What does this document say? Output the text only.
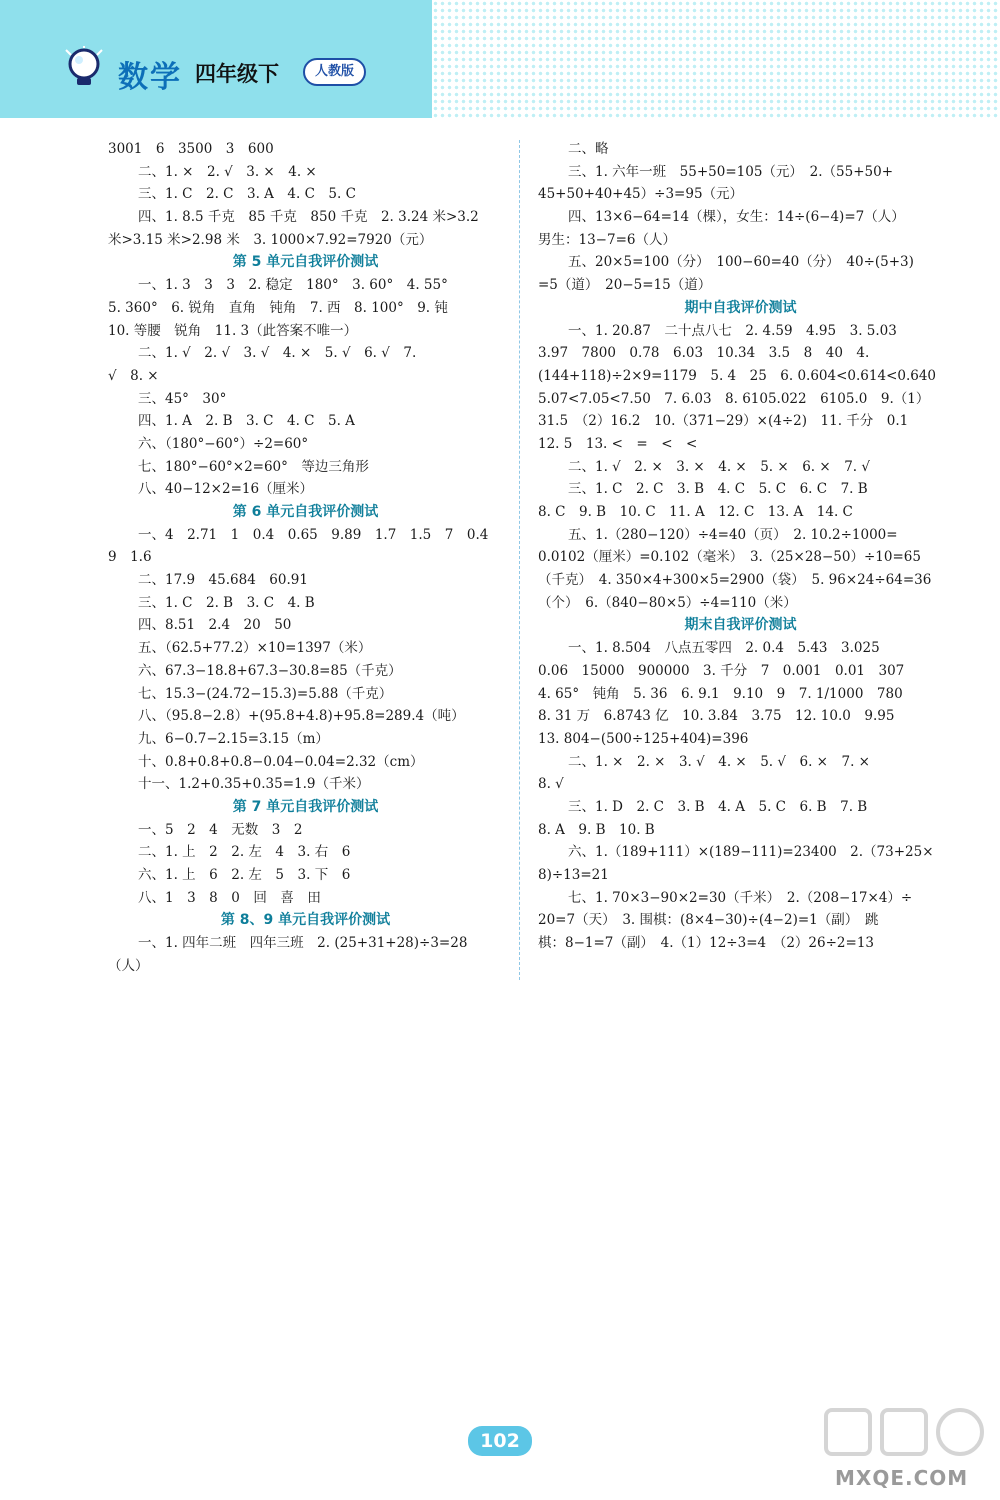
数学 四年级下	人教版
3001　6　3500　3　600
二、1. ×　2. √　3. ×　4. ×
三、1. C　2. C　3. A　4. C　5. C
四、1. 8.5 千克　85 千克　850 千克　2. 3.24 米>3.2
米>3.15 米>2.98 米　3. 1000×7.92=7920（元）
第 5 单元自我评价测试
一、1. 3　3　3　2. 稳定　180°　3. 60°　4. 55°
5. 360°　6. 锐角　直角　钝角　7. 西　8. 100°　9. 钝
10. 等腰　锐角　11. 3（此答案不唯一）
二、1. √　2. √　3. √　4. ×　5. √　6. √　7.
√　8. ×
三、45°　30°
四、1. A　2. B　3. C　4. C　5. A
六、（180°−60°）÷2=60°
七、180°−60°×2=60°　等边三角形
八、40−12×2=16（厘米）
第 6 单元自我评价测试
一、4　2.71　1　0.4　0.65　9.89　1.7　1.5　7　0.4
9　1.6
二、17.9　45.684　60.91
三、1. C　2. B　3. C　4. B
四、8.51　2.4　20　50
五、（62.5+77.2）×10=1397（米）
六、67.3−18.8+67.3−30.8=85（千克）
七、15.3−(24.72−15.3)=5.88（千克）
八、（95.8−2.8）+(95.8+4.8)+95.8=289.4（吨）
九、6−0.7−2.15=3.15（m）
十、0.8+0.8+0.8−0.04−0.04=2.32（cm）
十一、1.2+0.35+0.35=1.9（千米）
第 7 单元自我评价测试
一、5　2　4　无数　3　2
二、1. 上　2　2. 左　4　3. 右　6
六、1. 上　6　2. 左　5　3. 下　6
八、1　3　8　0　回　喜　田
第 8、9 单元自我评价测试
一、1. 四年二班　四年三班　2. (25+31+28)÷3=28
（人）
二、略
三、1. 六年一班　55+50=105（元）　2.（55+50+
45+50+40+45）÷3=95（元）
四、13×6−64=14（棵），女生：14÷(6−4)=7（人）
男生：13−7=6（人）
五、20×5=100（分）　100−60=40（分）　40÷(5+3)
=5（道）　20−5=15（道）
期中自我评价测试
一、1. 20.87　二十点八七　2. 4.59　4.95　3. 5.03
3.97　7800　0.78　6.03　10.34　3.5　8　40　4.
(144+118)÷2×9=1179　5. 4　25　6. 0.604<0.614<0.640
5.07<7.05<7.50　7. 6.03　8. 6105.022　6105.0　9.（1）
31.5　（2）16.2　10.（371−29）×(4÷2)　11. 千分　0.1
12. 5　13. <　=　<　<
二、1. √　2. ×　3. ×　4. ×　5. ×　6. ×　7. √
三、1. C　2. C　3. B　4. C　5. C　6. C　7. B
8. C　9. B　10. C　11. A　12. C　13. A　14. C
五、1.（280−120）÷4=40（页）　2. 10.2÷1000=
0.0102（厘米）=0.102（毫米）　3.（25×28−50）÷10=65
（千克）　4. 350×4+300×5=2900（袋）　5. 96×24÷64=36
（个）　6.（840−80×5）÷4=110（米）
期末自我评价测试
一、1. 8.504　八点五零四　2. 0.4　5.43　3.025
0.06　15000　900000　3. 千分　7　0.001　0.01　307
4. 65°　钝角　5. 36　6. 9.1　9.10　9　7. 1/1000　780
8. 31 万　6.8743 亿　10. 3.84　3.75　12. 10.0　9.95
13. 804−(500÷125+404)=396
二、1. ×　2. ×　3. √　4. ×　5. √　6. ×　7. ×
8. √
三、1. D　2. C　3. B　4. A　5. C　6. B　7. B
8. A　9. B　10. B
六、1.（189+111）×(189−111)=23400　2.（73+25×
8)÷13=21
七、1. 70×3−90×2=30（千米）　2.（208−17×4）÷
20=7（天）　3. 围棋：(8×4−30)÷(4−2)=1（副）　跳
棋：8−1=7（副）　4.（1）12÷3=4　（2）26÷2=13
102
MXQE.COM
